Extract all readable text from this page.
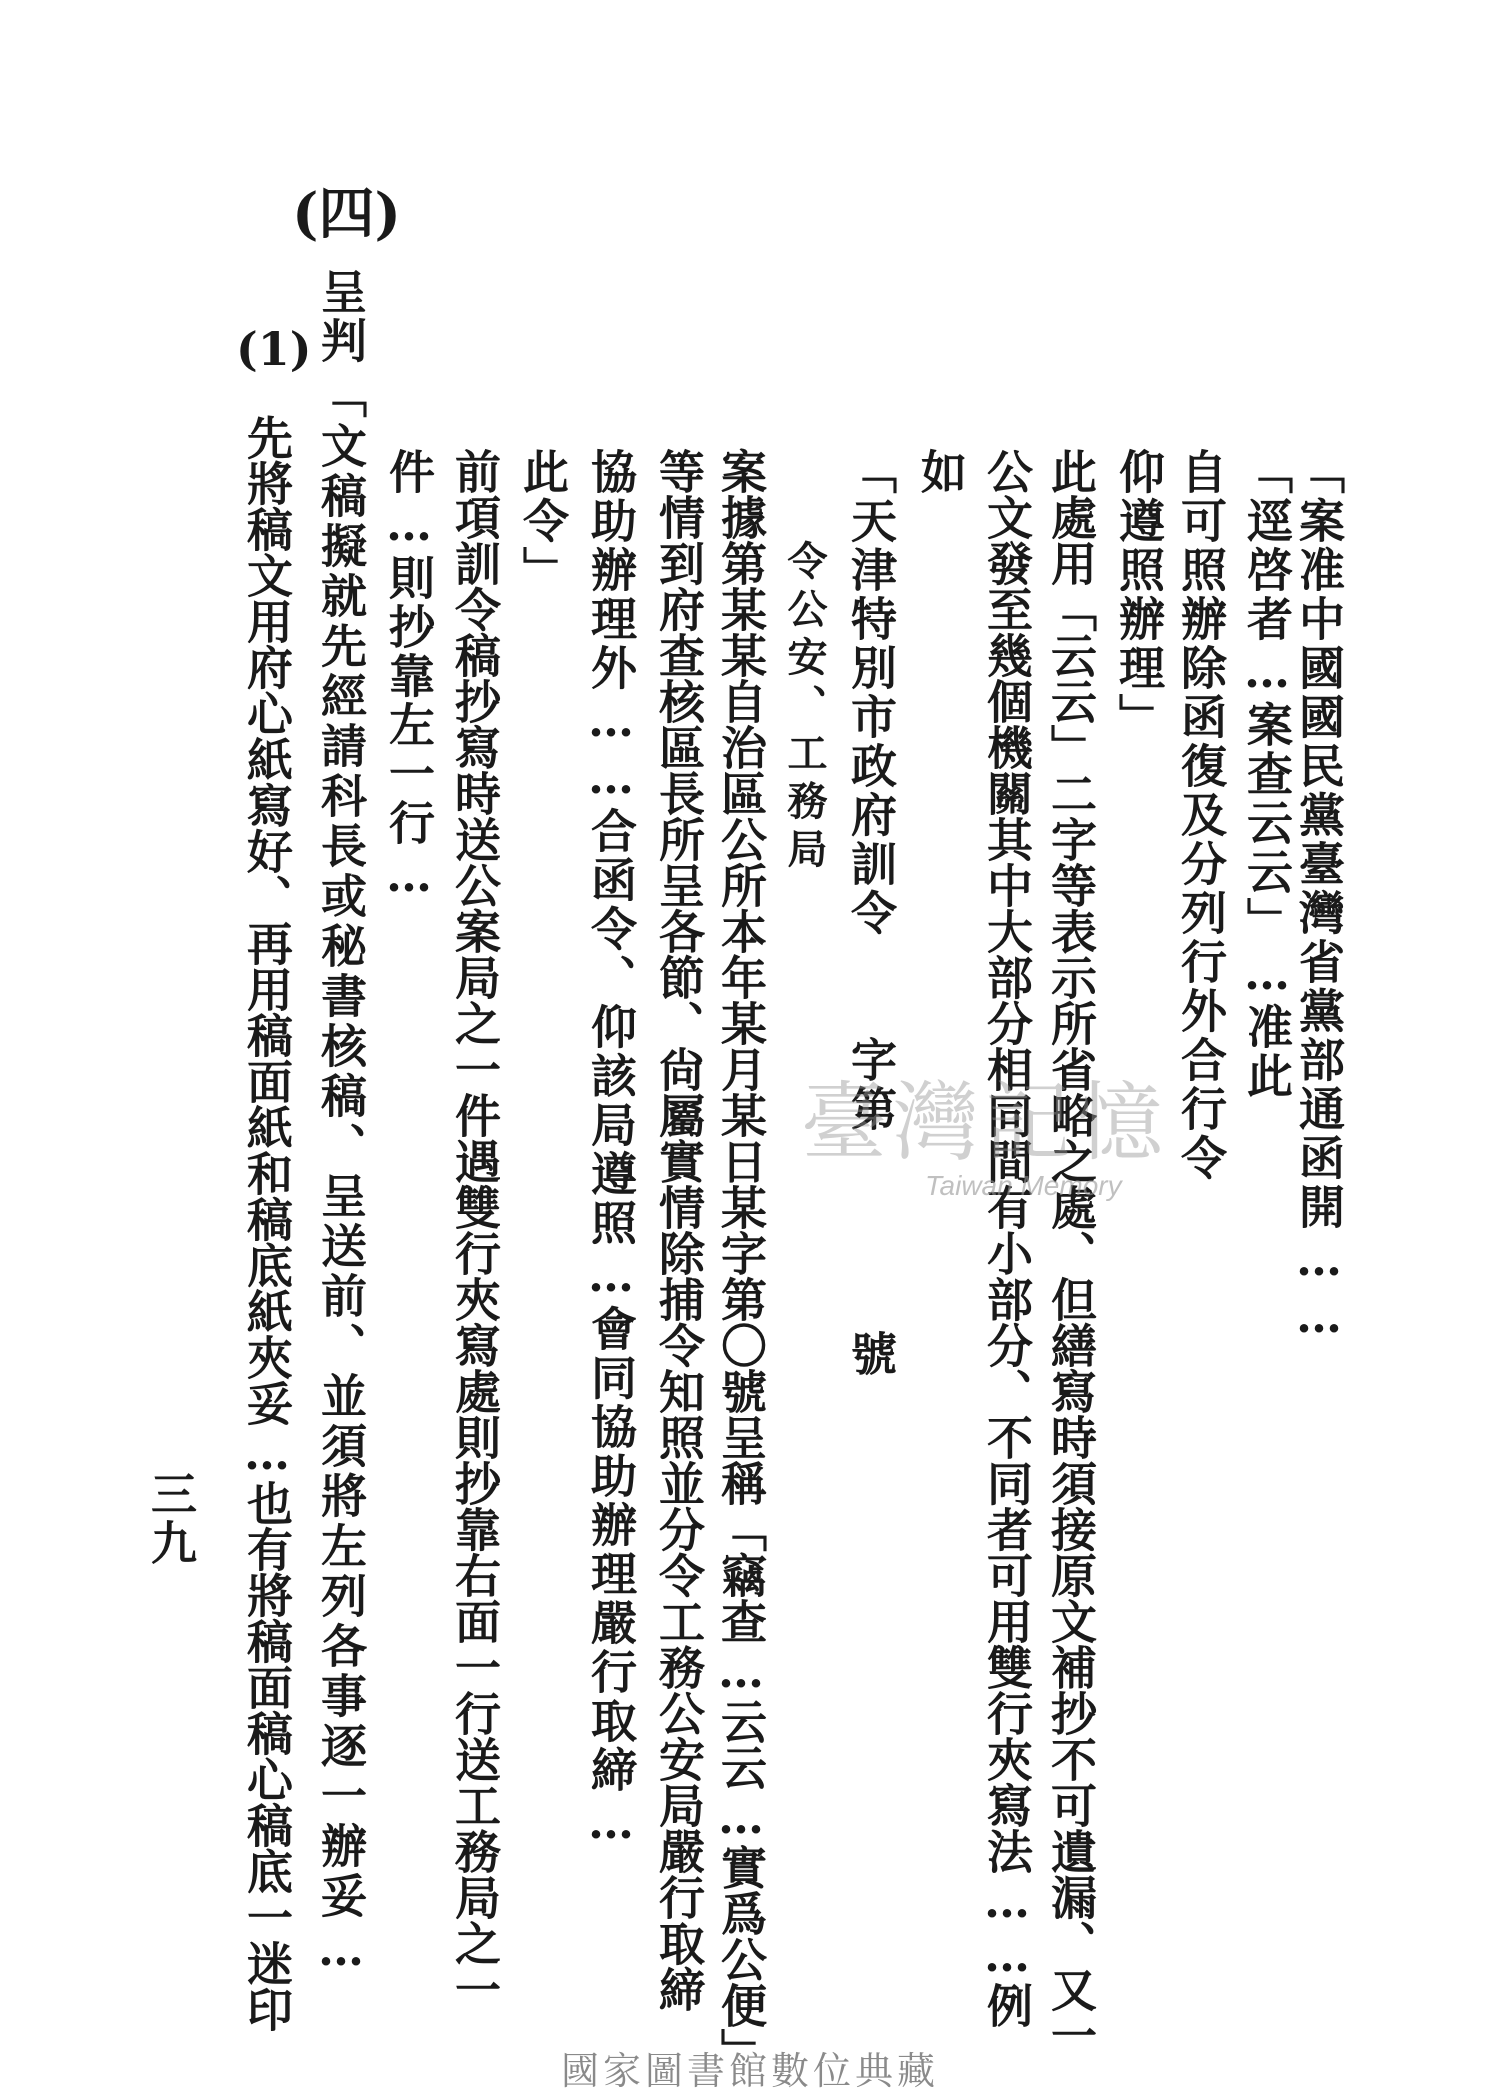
(四)
(1)
「案准中國國民黨臺灣省黨部通函開……
「逕啓者…案查云云」…准此
自可照辦除函復及分列行外合行令
仰遵照辦理」
此處用「云云」二字等表示所省略之處、但繕寫時須接原文補抄不可遺漏、又一
公文發至幾個機關其中大部分相同間有小部分、不同者可用雙行夾寫法……例
如
「天津特別市政府訓令　　字第　　　　號
令公安、工務局
案據第某某自治區公所本年某月某日某字第〇號呈稱「竊查…云云…實爲公便」
等情到府查核區長所呈各節、尙屬實情除捕令知照並分令工務公安局嚴行取締
協助辦理外……合函令、仰該局遵照…會同協助辦理嚴行取締…
此令」
前項訓令稿抄寫時送公案局之一件遇雙行夾寫處則抄靠右面一行送工務局之一
件…則抄靠左一行…
「文稿擬就先經請科長或秘書核稿、呈送前、並須將左列各事逐一辦妥…
呈判
先將稿文用府心紙寫好、再用稿面紙和稿底紙夾妥…也有將稿面稿心稿底一迷印
三九
臺灣記憶
Taiwan Memory
國家圖書館數位典藏
